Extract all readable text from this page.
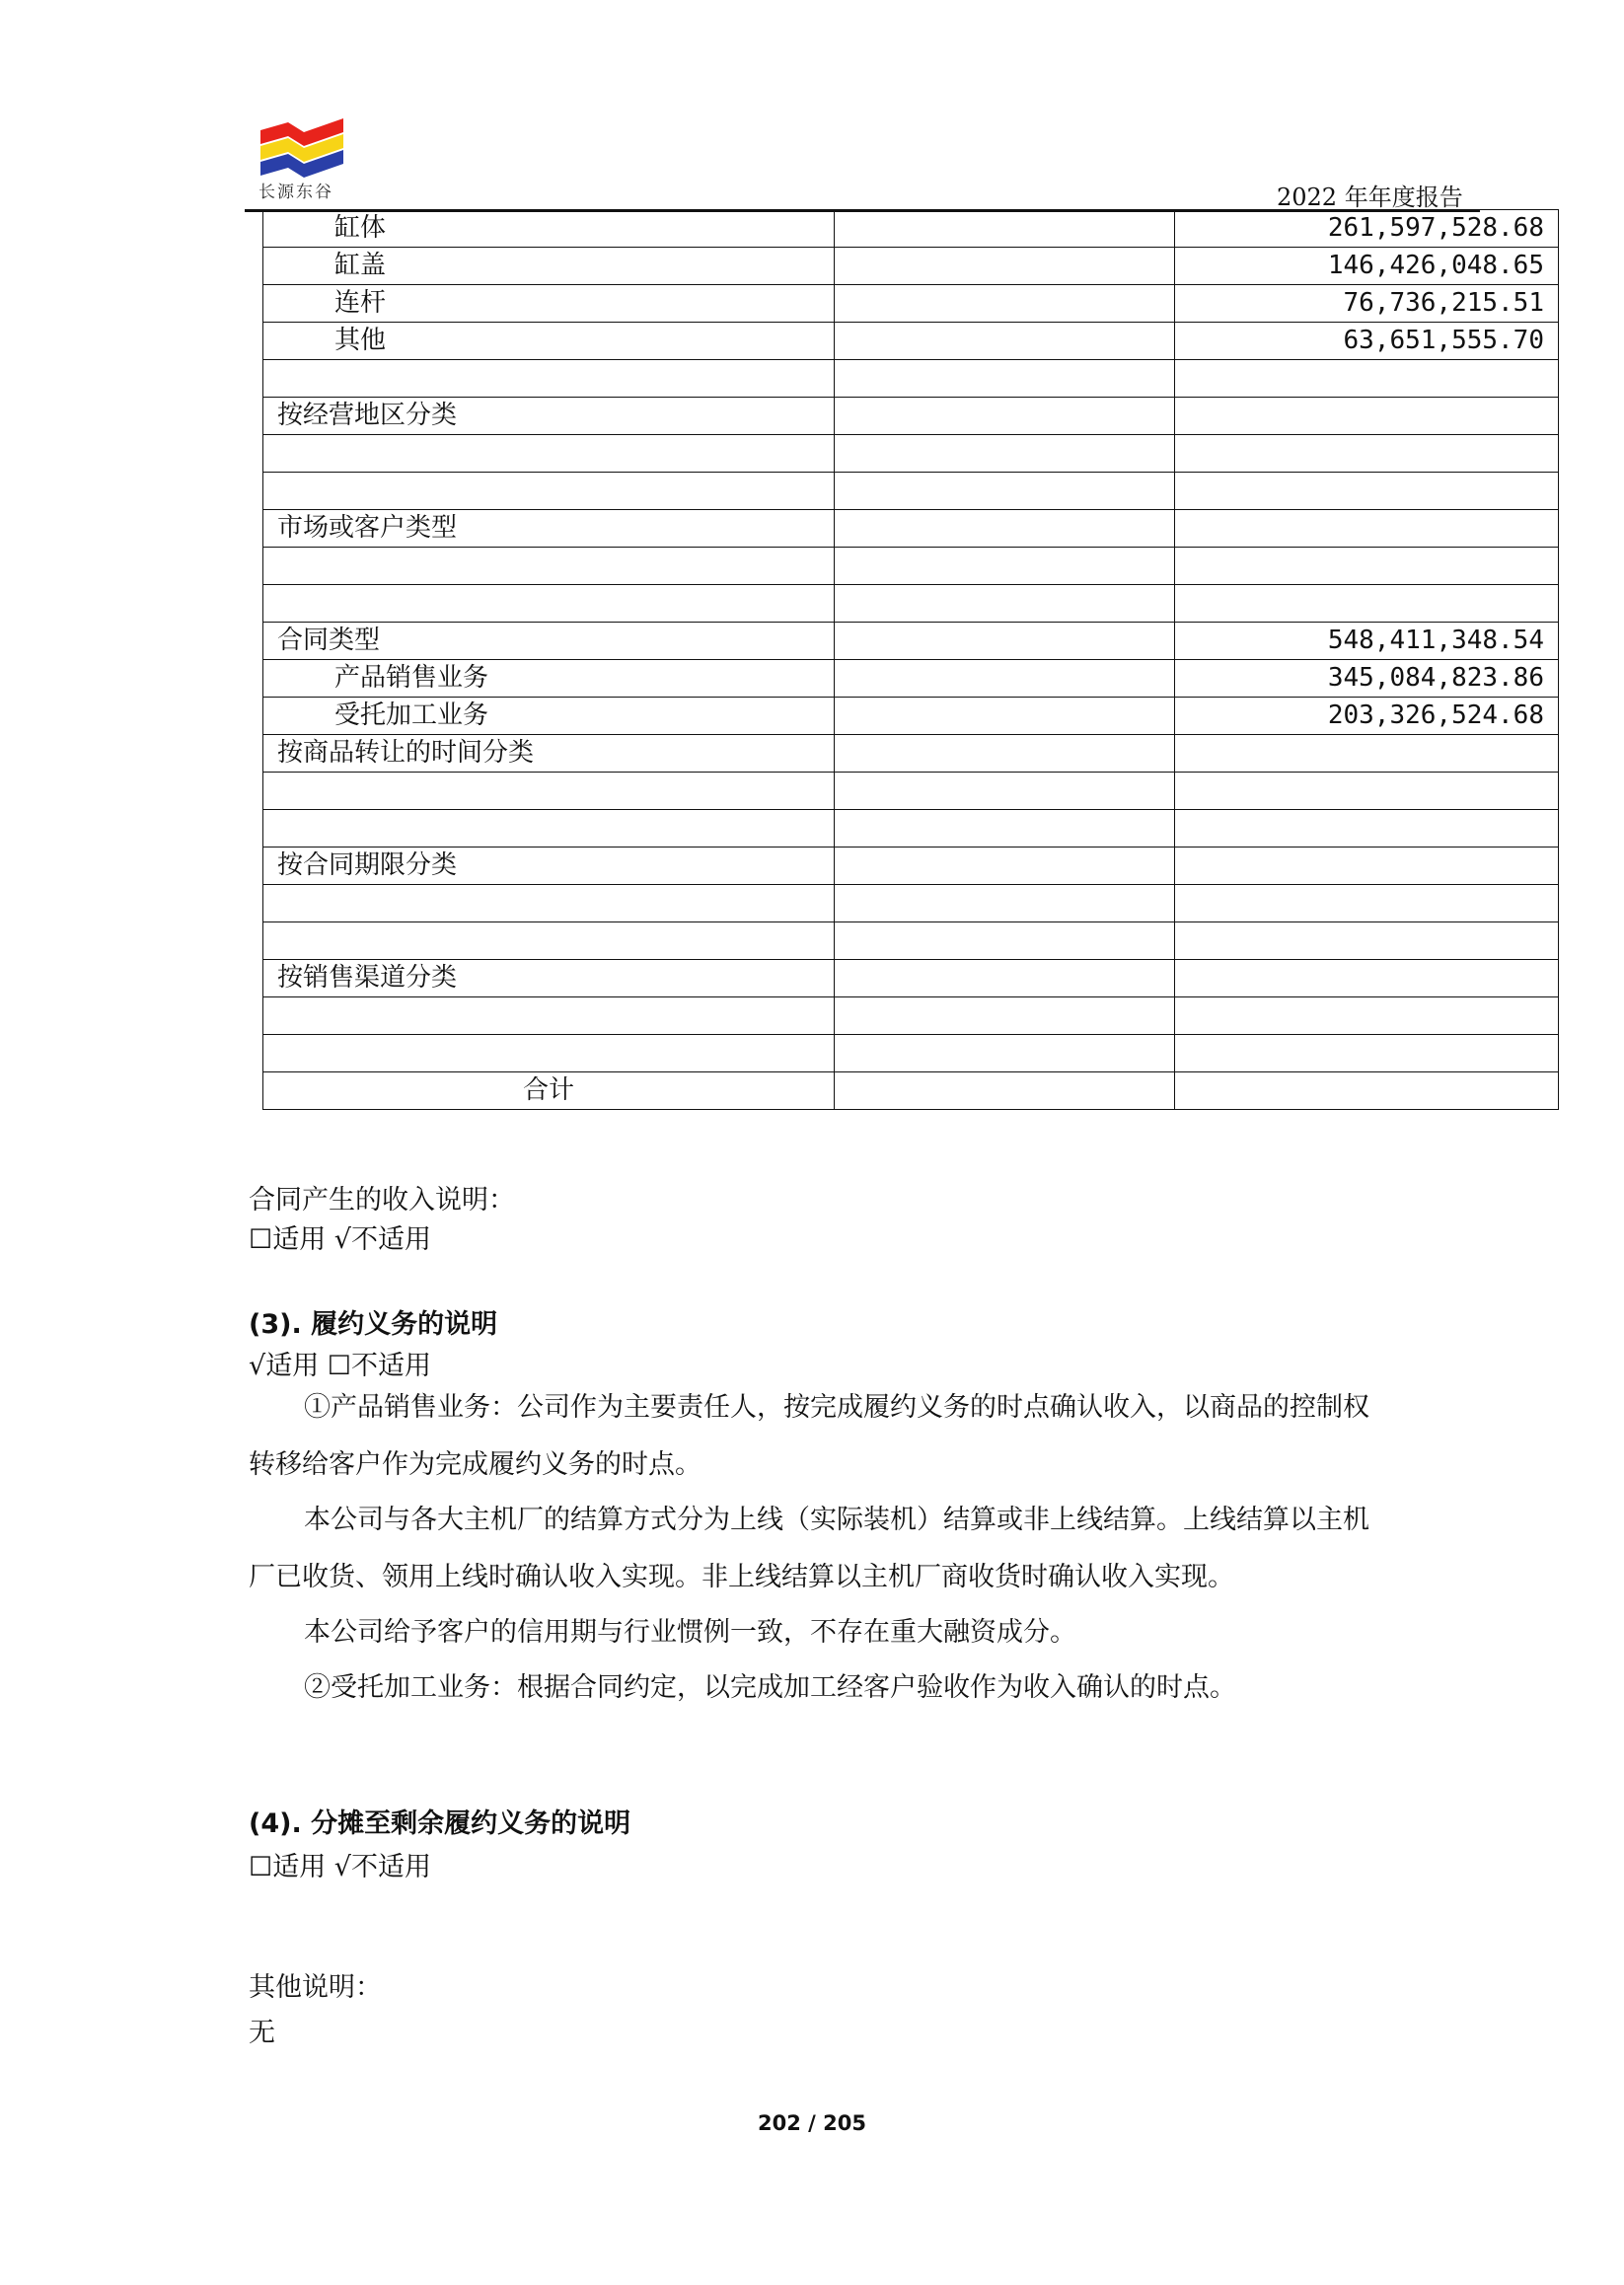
长源东谷	2022 年年度报告
缸体		261,597,528.68
缸盖		146,426,048.65
连杆		76,736,215.51
其他		63,651,555.70

按经营地区分类		

市场或客户类型		

合同类型		548,411,348.54
产品销售业务		345,084,823.86
受托加工业务		203,326,524.68
按商品转让的时间分类		

按合同期限分类		

按销售渠道分类		

合计		
合同产生的收入说明：
☐适用 √不适用
(3). 履约义务的说明
√适用 ☐不适用
①产品销售业务：公司作为主要责任人，按完成履约义务的时点确认收入，以商品的控制权
转移给客户作为完成履约义务的时点。
本公司与各大主机厂的结算方式分为上线（实际装机）结算或非上线结算。上线结算以主机
厂已收货、领用上线时确认收入实现。非上线结算以主机厂商收货时确认收入实现。
本公司给予客户的信用期与行业惯例一致，不存在重大融资成分。
②受托加工业务：根据合同约定，以完成加工经客户验收作为收入确认的时点。
(4). 分摊至剩余履约义务的说明
☐适用 √不适用
其他说明：
无
202 / 205
